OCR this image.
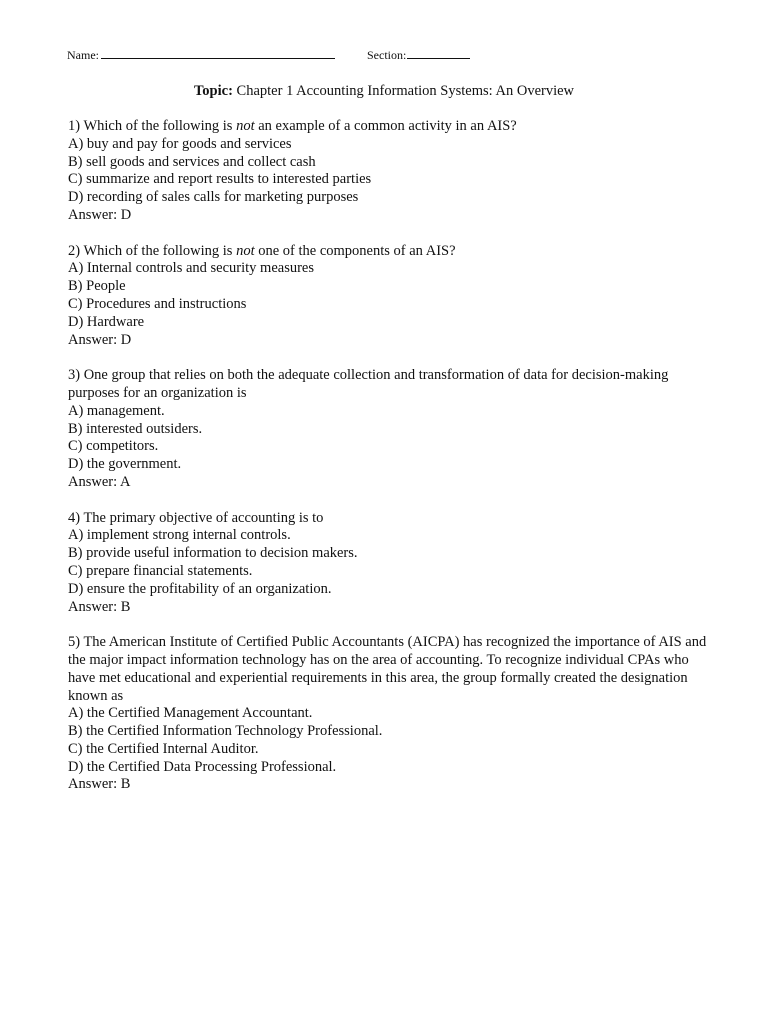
Name:	Section:
Topic: Chapter 1 Accounting Information Systems: An Overview
1) Which of the following is not an example of a common activity in an AIS?
A) buy and pay for goods and services
B) sell goods and services and collect cash
C) summarize and report results to interested parties
D) recording of sales calls for marketing purposes
Answer: D
2) Which of the following is not one of the components of an AIS?
A) Internal controls and security measures
B) People
C) Procedures and instructions
D) Hardware
Answer: D
3) One group that relies on both the adequate collection and transformation of data for decision-making purposes for an organization is
A) management.
B) interested outsiders.
C) competitors.
D) the government.
Answer: A
4) The primary objective of accounting is to
A) implement strong internal controls.
B) provide useful information to decision makers.
C) prepare financial statements.
D) ensure the profitability of an organization.
Answer: B
5) The American Institute of Certified Public Accountants (AICPA) has recognized the importance of AIS and the major impact information technology has on the area of accounting. To recognize individual CPAs who have met educational and experiential requirements in this area, the group formally created the designation known as
A) the Certified Management Accountant.
B) the Certified Information Technology Professional.
C) the Certified Internal Auditor.
D) the Certified Data Processing Professional.
Answer: B
